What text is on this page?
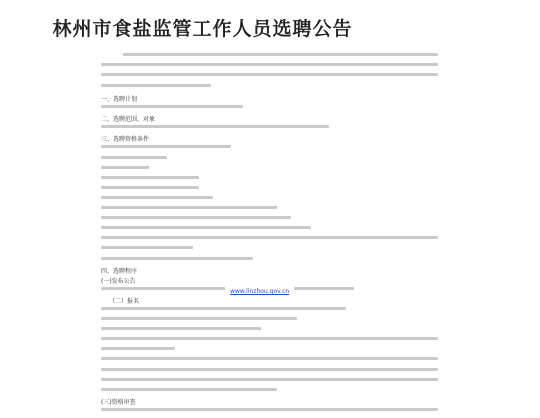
林州市食盐监管工作人员选聘公告
一、选聘计划
二、选聘范围、对象
三、选聘资格条件
四、选聘程序
(一)发布公告
www.linzhou.gov.cn
（二）报名
(三)资格审查
